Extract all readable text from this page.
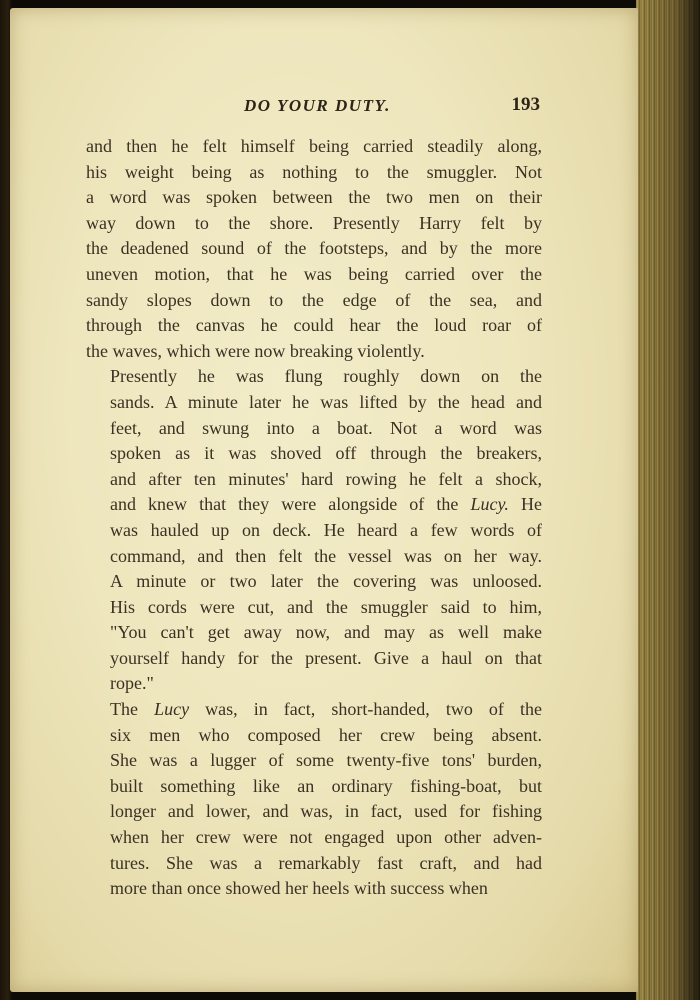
DO YOUR DUTY.	193

and then he felt himself being carried steadily along,
his weight being as nothing to the smuggler. Not
a word was spoken between the two men on their
way down to the shore. Presently Harry felt by
the deadened sound of the footsteps, and by the more
uneven motion, that he was being carried over the
sandy slopes down to the edge of the sea, and
through the canvas he could hear the loud roar of
the waves, which were now breaking violently.

Presently he was flung roughly down on the
sands. A minute later he was lifted by the head and
feet, and swung into a boat. Not a word was
spoken as it was shoved off through the breakers,
and after ten minutes' hard rowing he felt a shock,
and knew that they were alongside of the Lucy. He
was hauled up on deck. He heard a few words of
command, and then felt the vessel was on her way.
A minute or two later the covering was unloosed.
His cords were cut, and the smuggler said to him,
"You can't get away now, and may as well make
yourself handy for the present. Give a haul on that
rope."

The Lucy was, in fact, short-handed, two of the
six men who composed her crew being absent.
She was a lugger of some twenty-five tons' burden,
built something like an ordinary fishing-boat, but
longer and lower, and was, in fact, used for fishing
when her crew were not engaged upon other adven-
tures. She was a remarkably fast craft, and had
more than once showed her heels with success when
